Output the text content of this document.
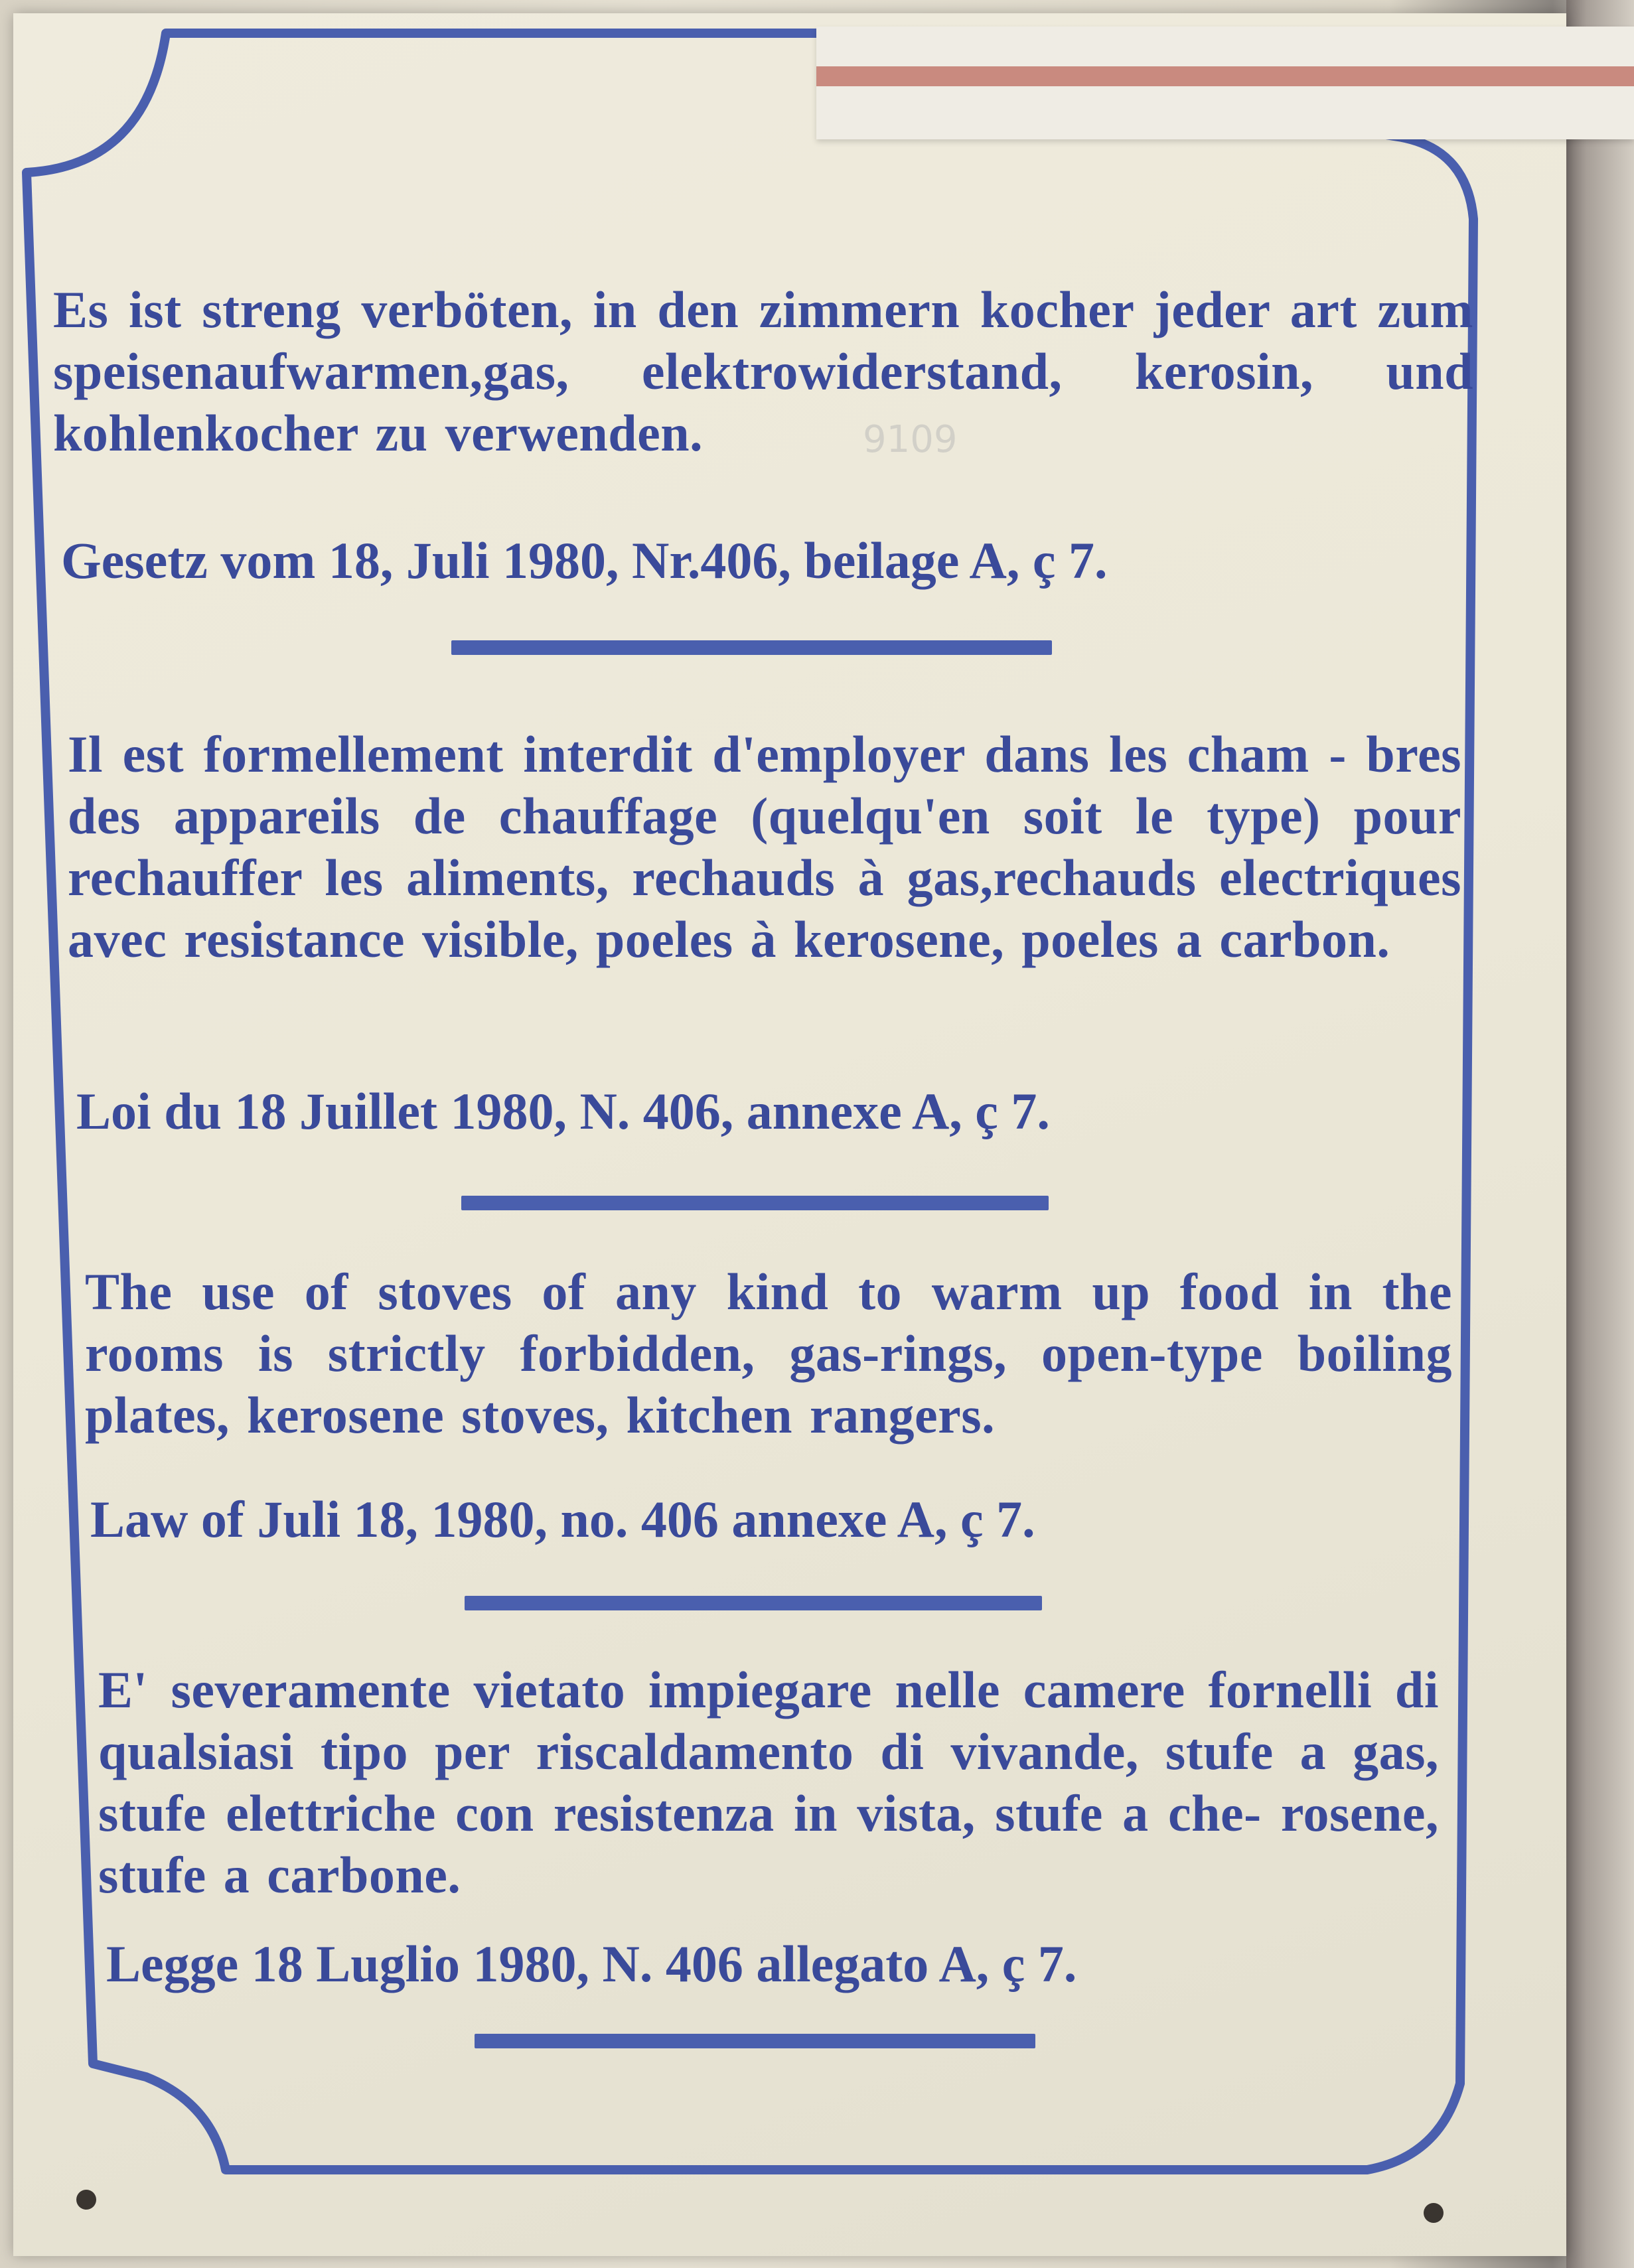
Es ist streng verböten, in den zimmern kocher jeder art zum speisenaufwarmen,gas, elektrowiderstand, kerosin, und kohlenkocher zu verwenden.	9109
Gesetz vom 18, Juli 1980, Nr.406, beilage A, ç 7.
Il est formellement interdit d'employer dans les cham - bres des appareils de chauffage (quelqu'en soit le type) pour rechauffer les aliments, rechauds à gas,rechauds electriques avec resistance visible, poeles à kerosene, poeles a carbon.
Loi du 18 Juillet 1980, N. 406, annexe A, ç 7.
The use of stoves of any kind to warm up food in the rooms is strictly forbidden, gas-rings, open-type boiling plates, kerosene stoves, kitchen rangers.
Law of Juli 18, 1980, no. 406 annexe A, ç 7.
E' severamente vietato impiegare nelle camere fornelli di qualsiasi tipo per riscaldamento di vivande, stufe a gas, stufe elettriche con resistenza in vista, stufe a che- rosene, stufe a carbone.
Legge 18 Luglio 1980, N. 406 allegato A, ç 7.
